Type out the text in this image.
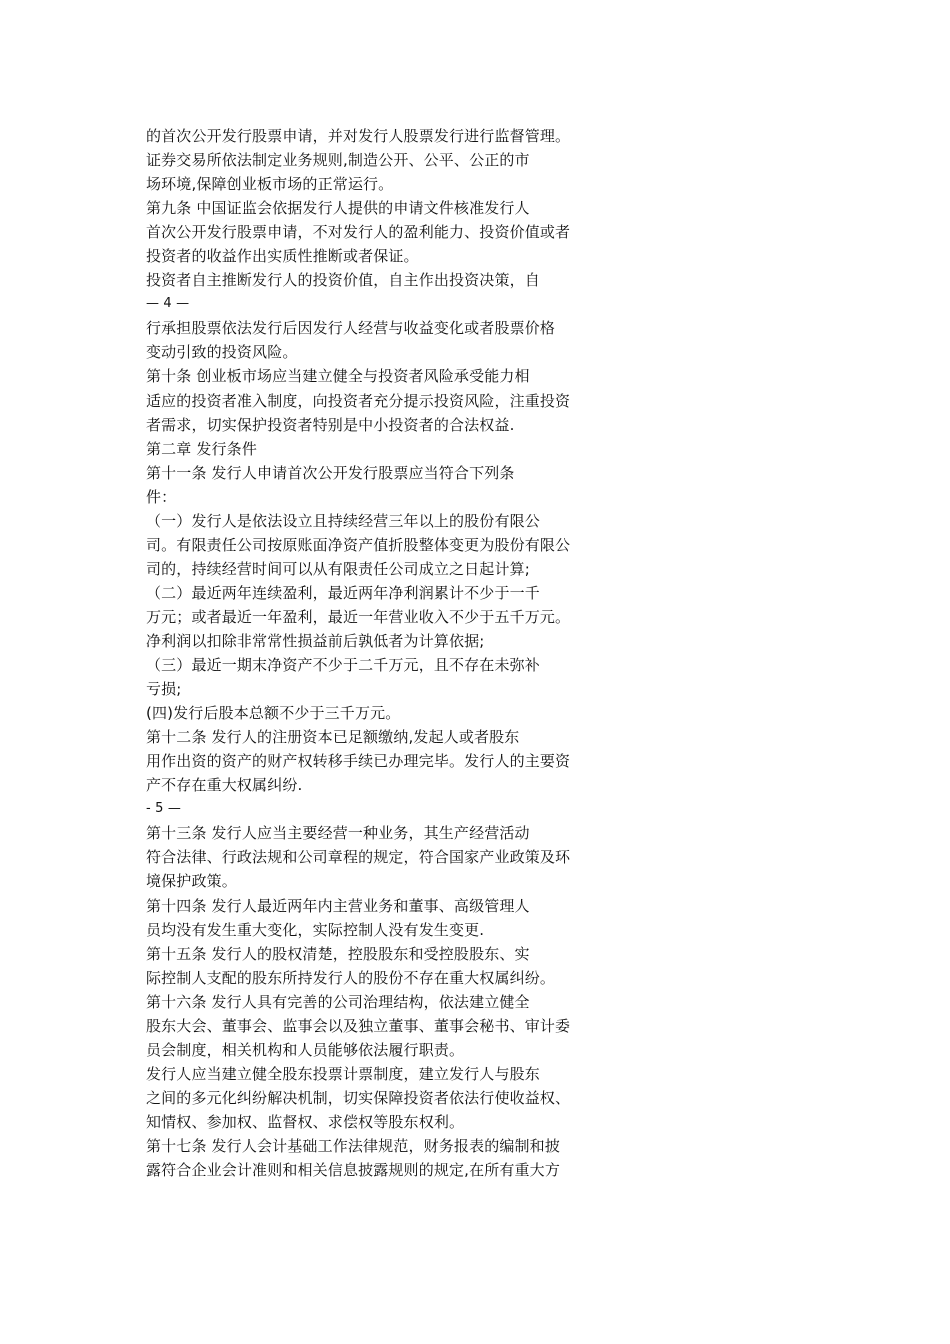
的首次公开发行股票申请，并对发行人股票发行进行监督管理。
证券交易所依法制定业务规则,制造公开、公平、公正的市
场环境,保障创业板市场的正常运行。
第九条 中国证监会依据发行人提供的申请文件核准发行人
首次公开发行股票申请，不对发行人的盈利能力、投资价值或者
投资者的收益作出实质性推断或者保证。
投资者自主推断发行人的投资价值，自主作出投资决策，自
— 4 —
行承担股票依法发行后因发行人经营与收益变化或者股票价格
变动引致的投资风险。
第十条 创业板市场应当建立健全与投资者风险承受能力相
适应的投资者准入制度，向投资者充分提示投资风险，注重投资
者需求，切实保护投资者特别是中小投资者的合法权益.
第二章 发行条件
第十一条 发行人申请首次公开发行股票应当符合下列条
件：
（一）发行人是依法设立且持续经营三年以上的股份有限公
司。有限责任公司按原账面净资产值折股整体变更为股份有限公
司的，持续经营时间可以从有限责任公司成立之日起计算;
（二）最近两年连续盈利，最近两年净利润累计不少于一千
万元；或者最近一年盈利，最近一年营业收入不少于五千万元。
净利润以扣除非常常性损益前后孰低者为计算依据;
（三）最近一期末净资产不少于二千万元，且不存在未弥补
亏损;
(四)发行后股本总额不少于三千万元。
第十二条 发行人的注册资本已足额缴纳,发起人或者股东
用作出资的资产的财产权转移手续已办理完毕。发行人的主要资
产不存在重大权属纠纷.
- 5 —
第十三条 发行人应当主要经营一种业务，其生产经营活动
符合法律、行政法规和公司章程的规定，符合国家产业政策及环
境保护政策。
第十四条 发行人最近两年内主营业务和董事、高级管理人
员均没有发生重大变化，实际控制人没有发生变更.
第十五条 发行人的股权清楚，控股股东和受控股股东、实
际控制人支配的股东所持发行人的股份不存在重大权属纠纷。
第十六条 发行人具有完善的公司治理结构，依法建立健全
股东大会、董事会、监事会以及独立董事、董事会秘书、审计委
员会制度，相关机构和人员能够依法履行职责。
发行人应当建立健全股东投票计票制度，建立发行人与股东
之间的多元化纠纷解决机制，切实保障投资者依法行使收益权、
知情权、参加权、监督权、求偿权等股东权利。
第十七条 发行人会计基础工作法律规范，财务报表的编制和披
露符合企业会计准则和相关信息披露规则的规定,在所有重大方
